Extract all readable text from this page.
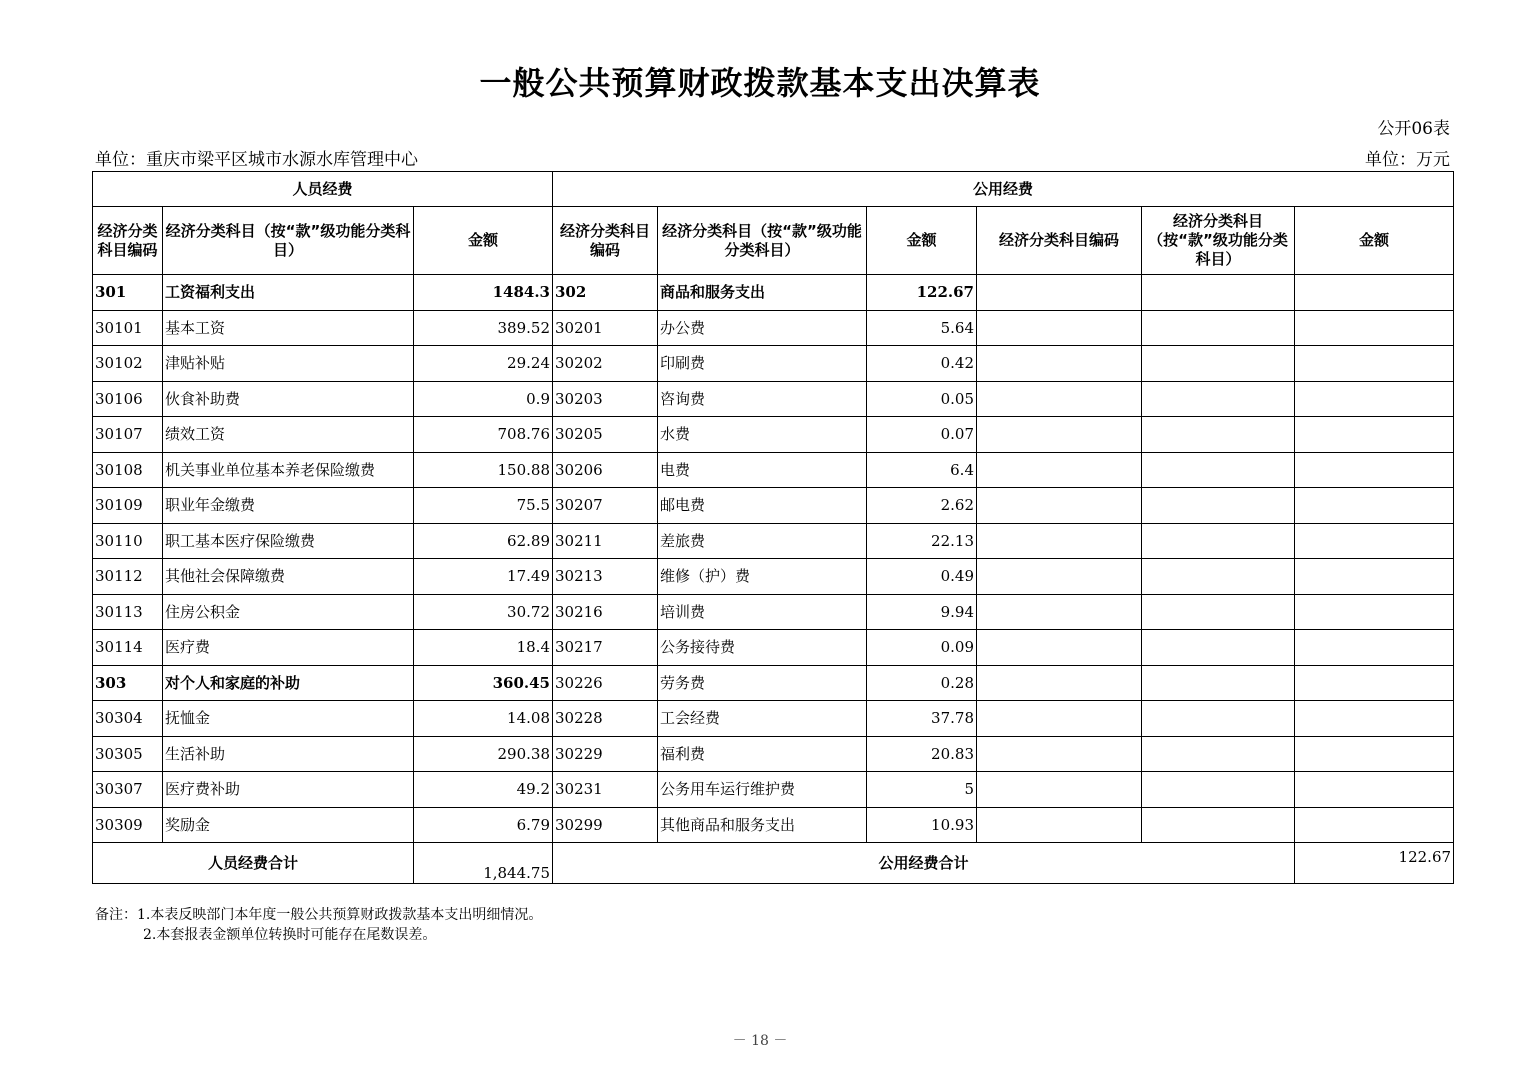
一般公共预算财政拨款基本支出决算表
公开06表
单位：重庆市梁平区城市水源水库管理中心	单位：万元
人员经费			公用经费					
经济分类科目编码	经济分类科目（按“款”级功能分类科目）	金额	经济分类科目编码	经济分类科目（按“款”级功能分类科目）	金额	经济分类科目编码	经济分类科目（按“款”级功能分类科目）	金额
301	工资福利支出	1484.3	302	商品和服务支出	122.67			
30101	基本工资	389.52	30201	办公费	5.64			
30102	津贴补贴	29.24	30202	印刷费	0.42			
30106	伙食补助费	0.9	30203	咨询费	0.05			
30107	绩效工资	708.76	30205	水费	0.07			
30108	机关事业单位基本养老保险缴费	150.88	30206	电费	6.4			
30109	职业年金缴费	75.5	30207	邮电费	2.62			
30110	职工基本医疗保险缴费	62.89	30211	差旅费	22.13			
30112	其他社会保障缴费	17.49	30213	维修（护）费	0.49			
30113	住房公积金	30.72	30216	培训费	9.94			
30114	医疗费	18.4	30217	公务接待费	0.09			
303	对个人和家庭的补助	360.45	30226	劳务费	0.28			
30304	抚恤金	14.08	30228	工会经费	37.78			
30305	生活补助	290.38	30229	福利费	20.83			
30307	医疗费补助	49.2	30231	公务用车运行维护费	5			
30309	奖励金	6.79	30299	其他商品和服务支出	10.93			
人员经费合计		1,844.75	公用经费合计					122.67
备注：1.本表反映部门本年度一般公共预算财政拨款基本支出明细情况。
2.本套报表金额单位转换时可能存在尾数误差。
－ 18 －
